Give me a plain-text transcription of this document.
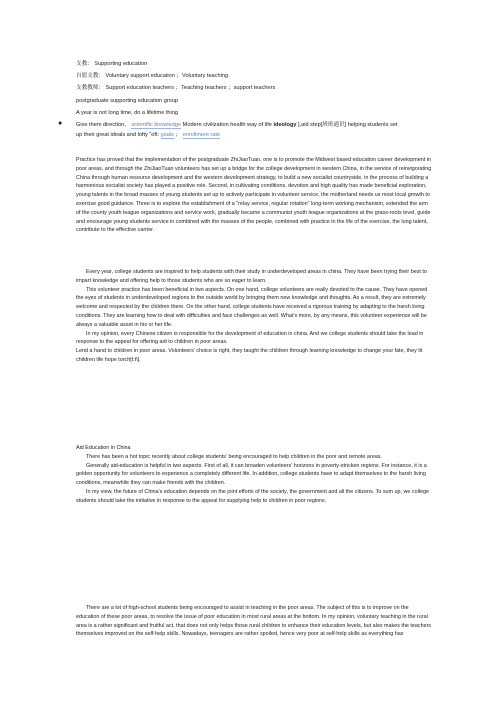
支教： Supporting education
自愿支教： Voluntary support education ；Voluntary teaching
支教教师： Support education teachers ；Teaching teachers ；support teachers
postgraduate supporting education group
A year is not long time, do a lifetime thing
● Give them direction， scientific knowledge Modern civilization health way of life ideology ],aid step[班班通识] helping students set
up their great ideals and lofty “oft: goals ； enrollment rate

Practice has proved that the implementation of the postgraduate ZhiJiaoTuan, one is to promote the Midwest based education career development in poor areas, and through the ZhiJiaoTuan volunteers has set up a bridge for the college development in western China, in the service of reinvigorating China through human resource development and the western development strategy, to build a new socialist countryside, in the process of building a harmonious socialist society has played a positive role. Second, in cultivating conditions, devotion and high quality has made beneficial exploration, young talents in the broad masses of young students set up to actively participate in volunteer service, the motherland needs us most local growth to exercise good guidance. Three is to explore the establishment of a "relay service, regular rotation" long-term working mechanism, extended the arm of the county youth league organizations and service work, gradually became a communist youth league organizations at the grass-roots level, guide and encourage young students service in combined with the masses of the people, combined with practice in the life of the exercise, the long talent, contribute to the effective carrier.

Every year, college students are inspired to help students with their study in underdeveloped areas in china. They have been trying their best to impart knowledge and offering help to those students who are so eager to learn.

This volunteer practice has been beneficial in two aspects. On one hand, college volunteers are really devoted to the cause. They have opened the eyes of students in underdeveloped regions to the outside world by bringing them new knowledge and thoughts. As a result, they are extremely welcome and respected by the children there. On the other hand, college students have received a rigorous training by adapting to the harsh living conditions. They are learning how to deal with difficulties and face challenges as well. What’s more, by any means, this volunteer experience will be always a valuable asset in his or her life.

In my opinion, every Chinese citizen is responsible for the development of education in china. And we college students should take the lead in response to the appeal for offering aid to children in poor areas.

Lend a hand to children in poor areas. Volunteers’ choice is right, they taught the children through learning knowledge to change your fate, they lit children life hope torch[t:t\].

Aid Education in China

There has been a hot topic recently about college students’ being encouraged to help children in the poor and remote areas.

Generally aid-education is helpful in two aspects. First of all, it can broaden volunteers’ horizons in poverty-stricken regions. For instance, it is a golden opportunity for volunteers to experience a completely different life. In addition, college students have to adapt themselves to the harsh living conditions, meanwhile they can make friends with the children.

In my view, the future of China’s education depends on the joint efforts of the society, the government and all the citizens. To sum up, we college students should take the initiative in response to the appeal for supplying help to children in poor regions.

There are a lot of high-school students being encouraged to assist in teaching in the poor areas. The subject of this is to improve on the education of these poor areas, to resolve the issue of poor education in most rural areas at the bottom. In my opinion, voluntary teaching in the rural area is a rather significant and fruitful act, that does not only helps those rural children to enhance their education levels, but also makes the teachers themselves improved on the self-help skills. Nowadays, teenagers are rather spoiled, hence very poor at self-help skills as everything has
